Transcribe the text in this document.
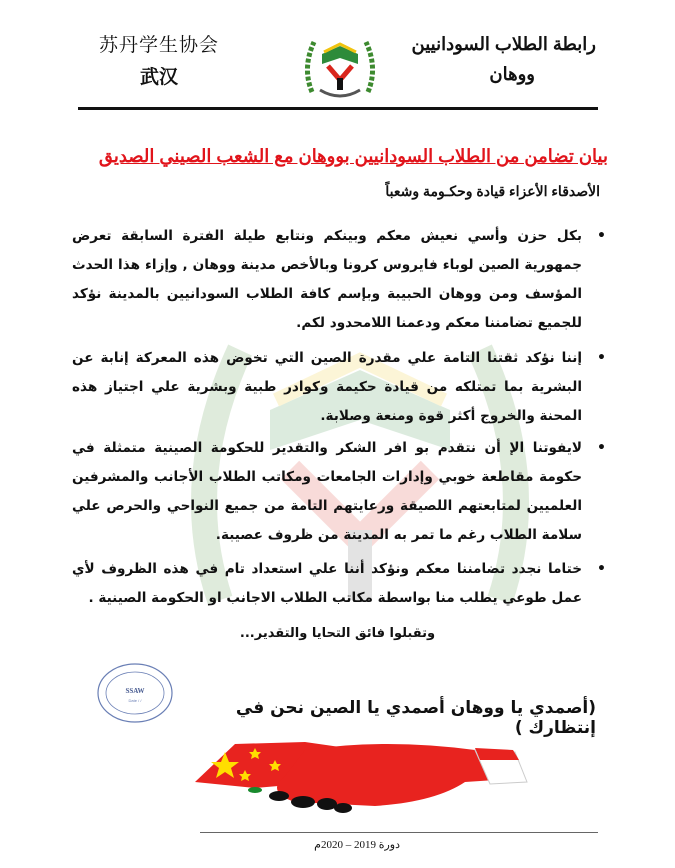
苏丹学生协会
武汉
رابطة الطلاب السودانيين
ووهان
بيان تضامن من الطلاب السودانيين بووهان مع الشعب الصيني الصديق
الأصدقاء الأعزاء قيادة وحكـومة وشعباً
•
بكل حزن وأسي نعيش معكم وبينكم ونتابع طيلة الفترة السابقة تعرض جمهورية الصين لوباء فايروس كرونا وبالأخص مدينة ووهان , وإزاء هذا الحدث المؤسف ومن ووهان الحبيبة وبإسم كافة الطلاب السودانيين بالمدينة نؤكد للجميع تضامننا معكم ودعمنا اللامحدود لكم.
•
إننا نؤكد ثقتنا التامة علي مقدرة الصين التي تخوض هذه المعركة إنابة عن البشرية بما تمتلكه من قيادة حكيمة وكوادر طبية وبشرية علي اجتياز هذه المحنة والخروج أكثر قوة ومنعة وصلابة.
•
لايفوتنا الإ أن نتقدم بو افر الشكر والتقدير للحكومة الصينية متمثلة في حكومة مقاطعة خوبي وإدارات الجامعات ومكاتب الطلاب الأجانب والمشرفين العلميين لمتابعتهم اللصيقة ورعايتهم التامة من جميع النواحي والحرص علي سلامة الطلاب رغم ما تمر به المدينة من ظروف عصيبة.
•
ختاما نجدد تضامننا معكم ونؤكد أننا علي استعداد تام في هذه الظروف لأي عمل طوعي يطلب منا بواسطة مكاتب الطلاب الاجانب او الحكومة الصينية .
وتقبلوا فائق التحايا والتقدير...
SSAW
Date / /	(أصمدي يا ووهان أصمدي يا الصين نحن في إنتظارك )
دورة 2019 – 2020م
